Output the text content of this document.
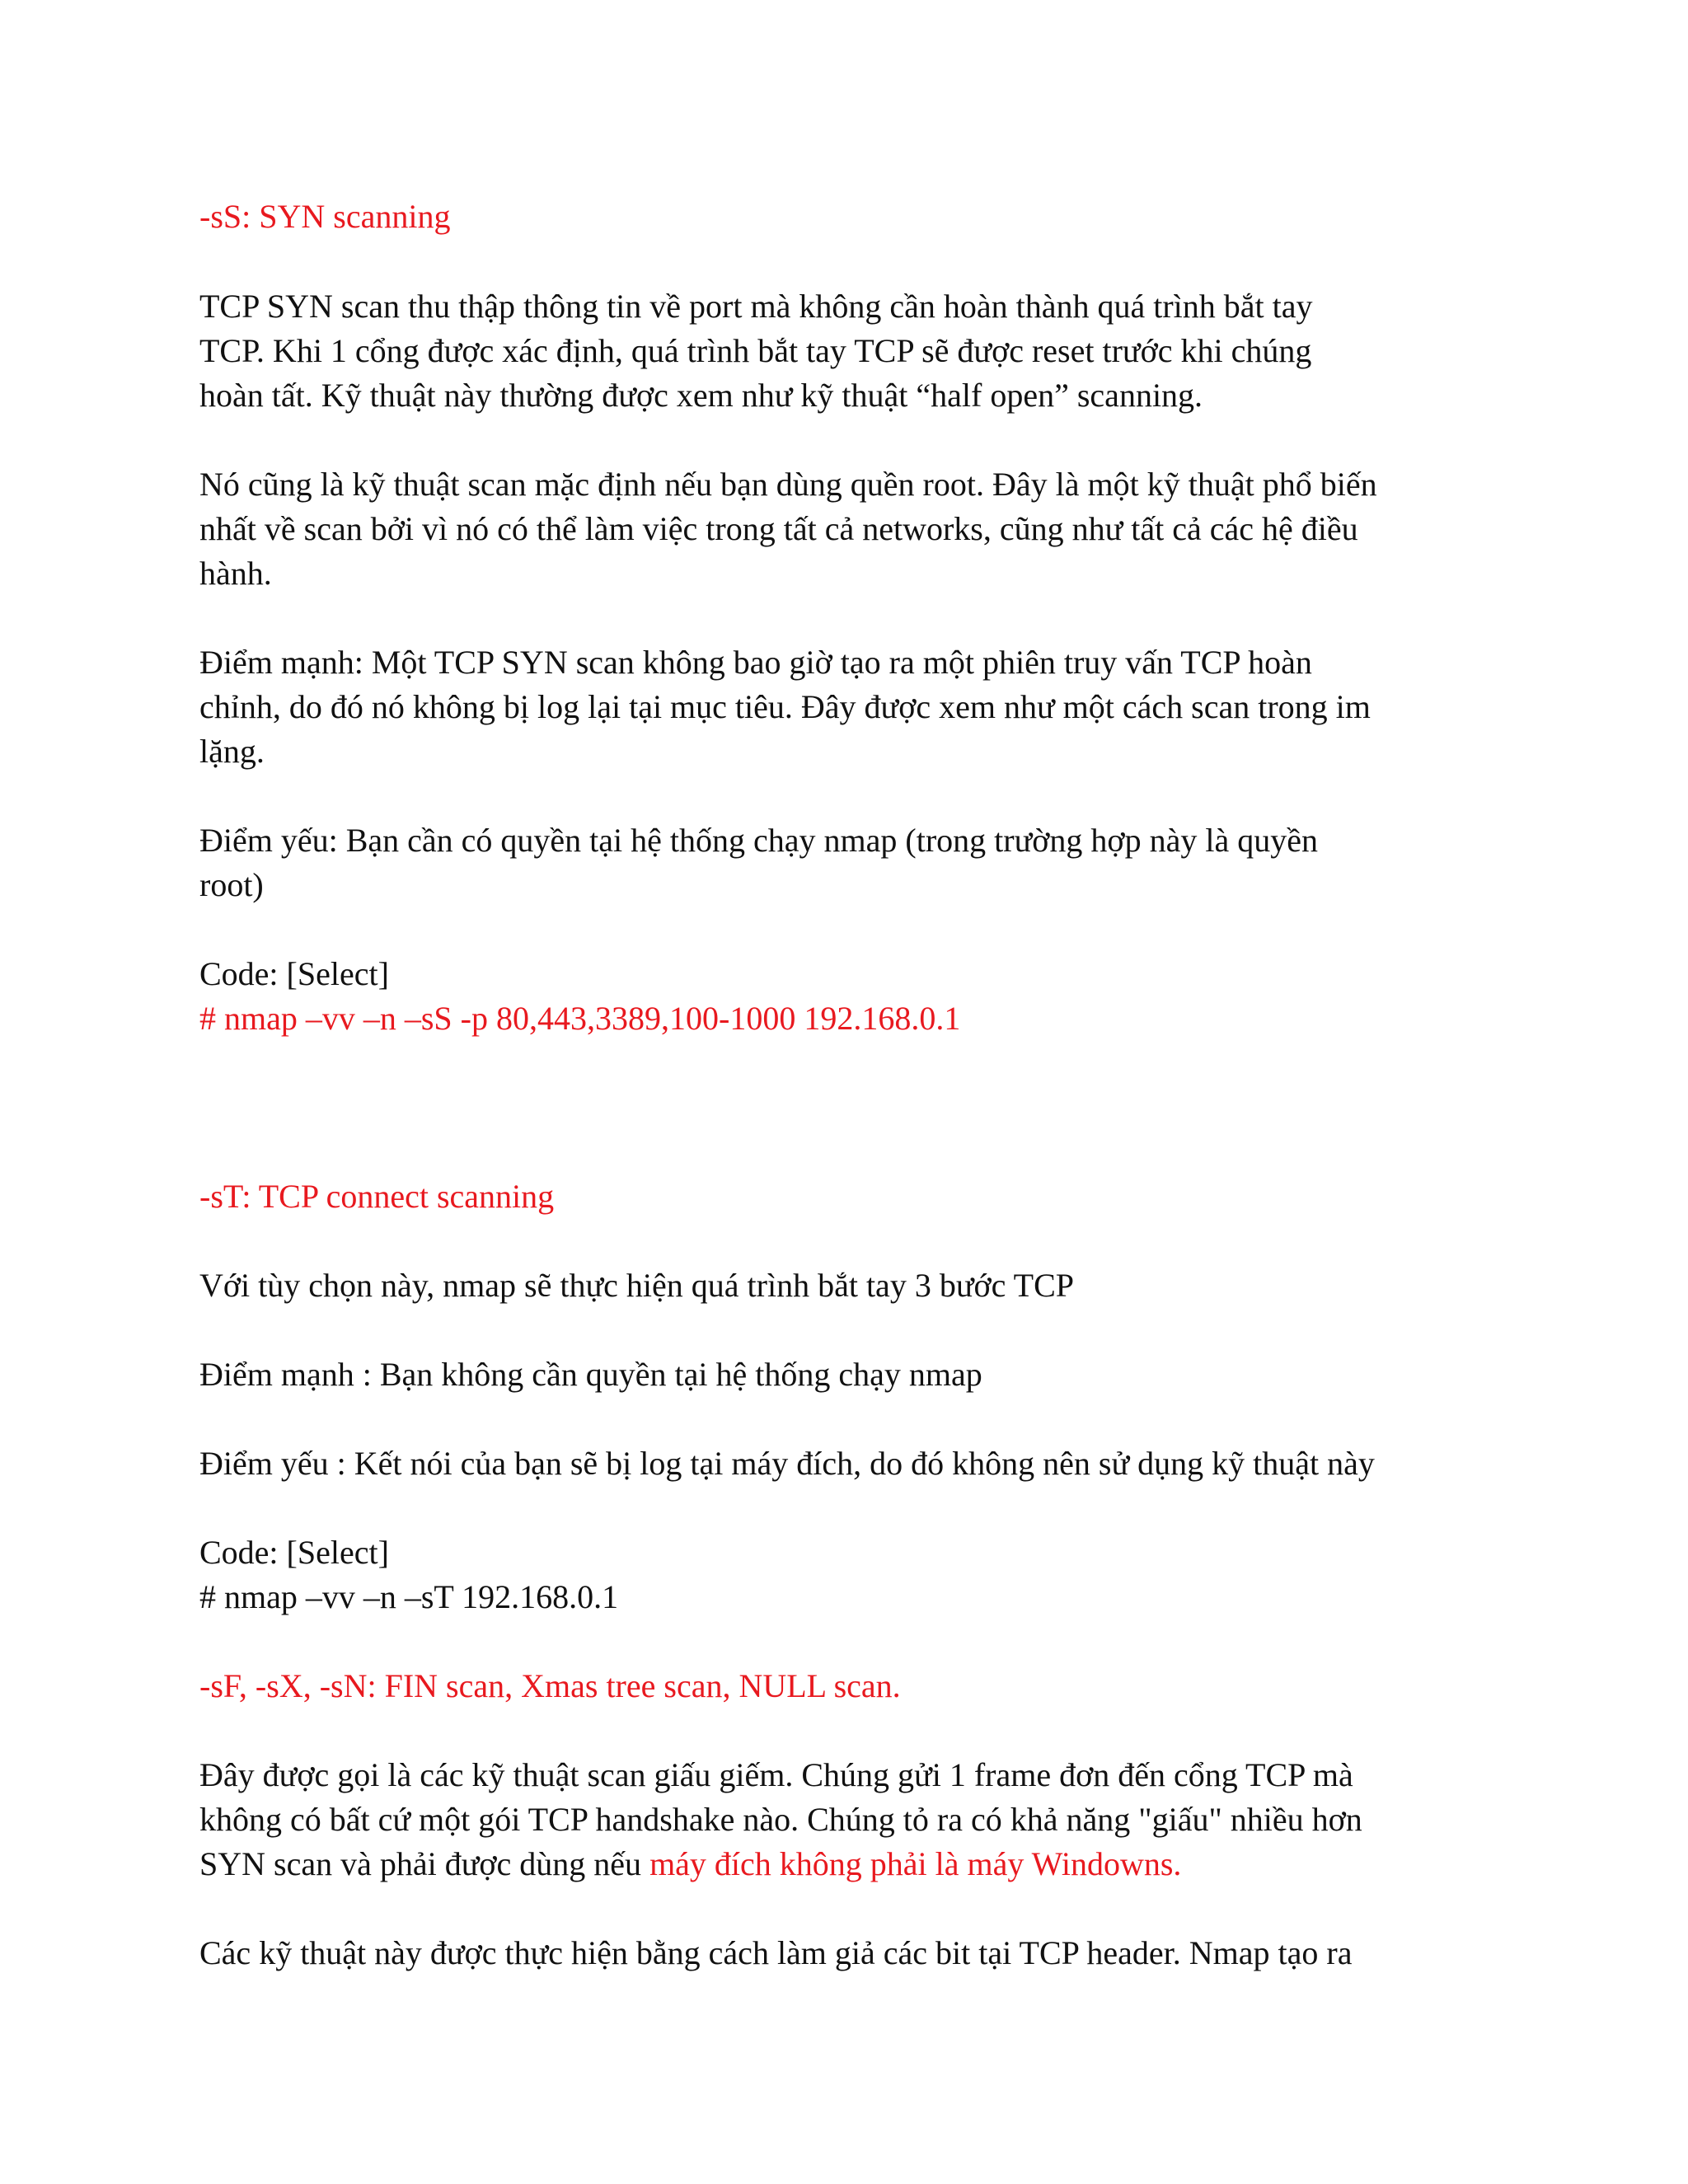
-sS: SYN scanning
TCP SYN scan thu thập thông tin về port mà không cần hoàn thành quá trình bắt tay
TCP. Khi 1 cổng được xác định, quá trình bắt tay TCP sẽ được reset trước khi chúng
hoàn tất. Kỹ thuật này thường được xem như kỹ thuật “half open” scanning.
Nó cũng là kỹ thuật scan mặc định nếu bạn dùng quền root. Đây là một kỹ thuật phổ biến
nhất về scan bởi vì nó có thể làm việc trong tất cả networks, cũng như tất cả các hệ điều
hành.
Điểm mạnh: Một TCP SYN scan không bao giờ tạo ra một phiên truy vấn TCP hoàn
chỉnh, do đó nó không bị log lại tại mục tiêu. Đây được xem như một cách scan trong im
lặng.
Điểm yếu: Bạn cần có quyền tại hệ thống chạy nmap (trong trường hợp này là quyền
root)
Code: [Select]
# nmap –vv –n –sS -p 80,443,3389,100-1000 192.168.0.1
-sT: TCP connect scanning
Với tùy chọn này, nmap sẽ thực hiện quá trình bắt tay 3 bước TCP
Điểm mạnh : Bạn không cần quyền tại hệ thống chạy nmap
Điểm yếu : Kết nói của bạn sẽ bị log tại máy đích, do đó không nên sử dụng kỹ thuật này
Code: [Select]
# nmap –vv –n –sT 192.168.0.1
-sF, -sX, -sN: FIN scan, Xmas tree scan, NULL scan.
Đây được gọi là các kỹ thuật scan giấu giếm. Chúng gửi 1 frame đơn đến cổng TCP mà
không có bất cứ một gói TCP handshake nào. Chúng tỏ ra có khả năng "giấu" nhiều hơn
SYN scan và phải được dùng nếu máy đích không phải là máy Windowns.
Các kỹ thuật này được thực hiện bằng cách làm giả các bit tại TCP header. Nmap tạo ra
